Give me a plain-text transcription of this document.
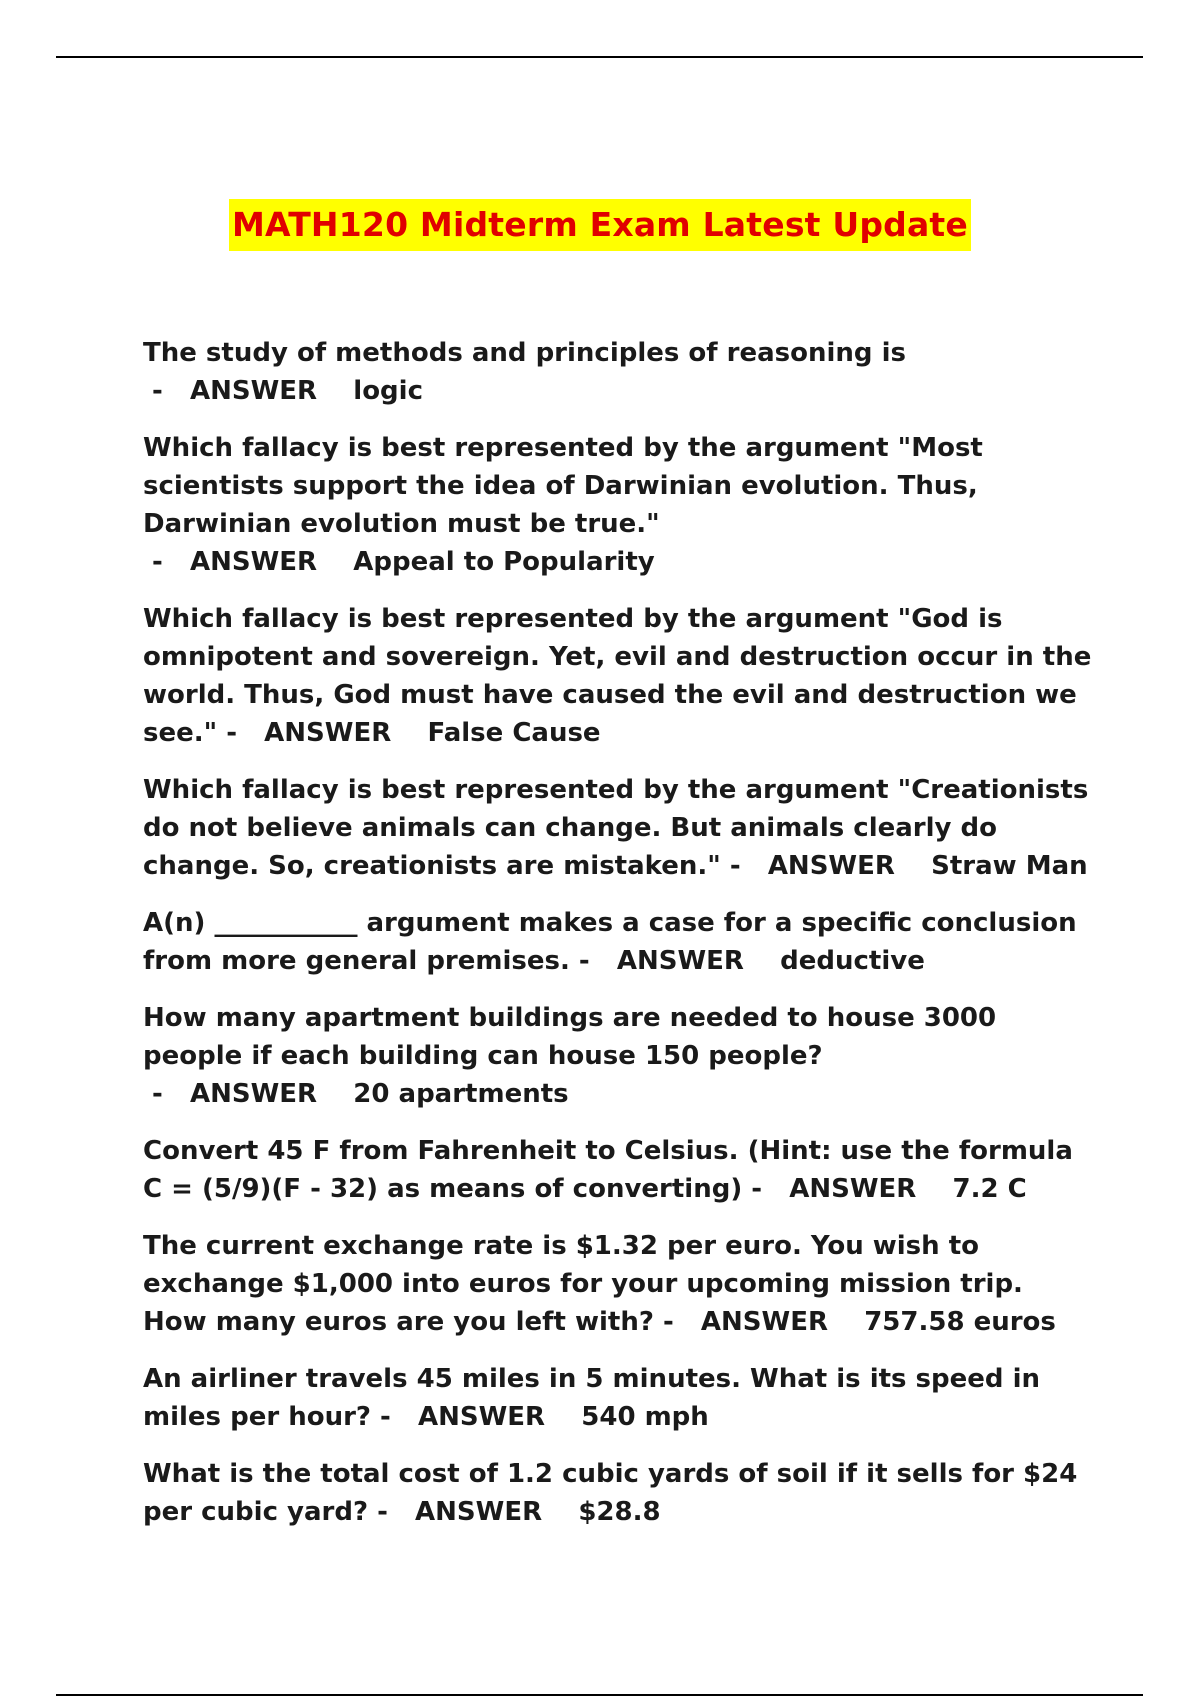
MATH120 Midterm Exam Latest Update

The study of methods and principles of reasoning is -   ANSWER    logic

Which fallacy is best represented by the argument "Most scientists support the idea of Darwinian evolution. Thus, Darwinian evolution must be true." -   ANSWER    Appeal to Popularity

Which fallacy is best represented by the argument "God is omnipotent and sovereign. Yet, evil and destruction occur in the world. Thus, God must have caused the evil and destruction we see." -   ANSWER    False Cause

Which fallacy is best represented by the argument "Creationists do not believe animals can change. But animals clearly do change. So, creationists are mistaken." -   ANSWER    Straw Man

A(n) ___________ argument makes a case for a specific conclusion from more general premises. -   ANSWER    deductive

How many apartment buildings are needed to house 3000 people if each building can house 150 people? -   ANSWER    20 apartments

Convert 45 F from Fahrenheit to Celsius. (Hint: use the formula C = (5/9)(F - 32) as means of converting) -   ANSWER    7.2 C

The current exchange rate is $1.32 per euro. You wish to exchange $1,000 into euros for your upcoming mission trip. How many euros are you left with? -   ANSWER    757.58 euros

An airliner travels 45 miles in 5 minutes. What is its speed in miles per hour? -   ANSWER    540 mph

What is the total cost of 1.2 cubic yards of soil if it sells for $24 per cubic yard? -   ANSWER    $28.8
